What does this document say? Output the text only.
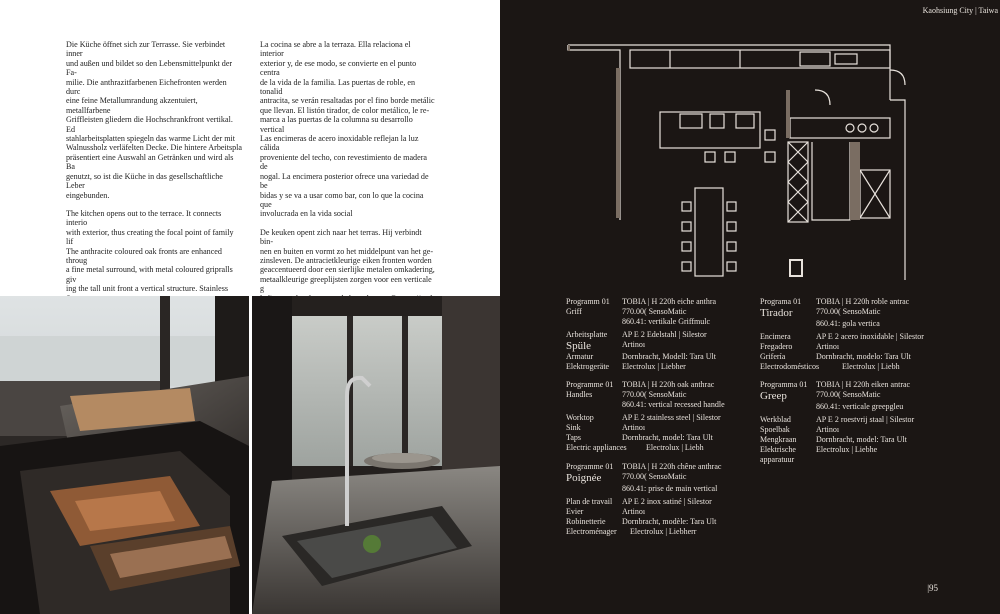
Die Küche öffnet sich zur Terrasse. Sie verbindet inner
und außen und bildet so den Lebensmittelpunkt der Fa-
milie. Die anthrazitfarbenen Eichefronten werden durc
eine feine Metallumrandung akzentuiert, metallfarbene
Griffleisten gliedern die Hochschrankfront vertikal. Ed
stahlarbeitsplatten spiegeln das warme Licht der mit
Walnussholz verläfelten Decke. Die hintere Arbeitspla
präsentiert eine Auswahl an Getränken und wird als Ba
genutzt, so ist die Küche in das gesellschaftliche Leber
eingebunden.

The kitchen opens out to the terrace. It connects interio
with exterior, thus creating the focal point of family lif
The anthracite coloured oak fronts are enhanced throug
a fine metal surround, with metal coloured gripralls giv
ing the tall unit front a vertical structure. Stainless

La cocina se abre a la terraza. Ella relaciona el interior
exterior y, de ese modo, se convierte en el punto centra
de la vida de la familia. Las puertas de roble, en tonalid
antracita, se verán resaltadas por el fino borde metálic
que llevan. El listón tirador, de color metálico, le re-
marca a las puertas de la columna su desarrollo vertical
Las encimeras de acero inoxidable reflejan la luz cálida
proveniente del techo, con revestimiento de madera de
nogal. La encimera posterior ofrece una variedad de be
bidas y se va a usar como bar, con lo que la cocina que
involucrada en la vida social

De keuken opent zich naar het terras. Hij verbindt bin-
nen en buiten en vormt zo het middelpunt van het ge-
zinsleven. De antracietkleurige eiken fronten worden
geaccentueerd door een sierlijke metalen omkadering,
metaalkleurige greeplijsten zorgen voor een verticale g

Kaohsiung City | Taiwa
Programm 01	TOBIA | H 220h eiche anthra
Griff	770.00( SensoMatic
860.41: vertikale Griffmulc
Arbeitsplatte	AP E 2 Edelstahl | Silestor
Spüle	Artinoı
Armatur	Dornbracht, Modell: Tara Ult
Elektrogeräte	Electrolux | Liebher
Programme 01	TOBIA | H 220h oak anthrac
Handles	770.00( SensoMatic
860.41: vertical recessed handle
Worktop	AP E 2 stainless steel | Silestor
Sink	Artinoı
Taps	Dornbracht, model: Tara Ult
Electric appliances	Electrolux | Liebh
Programme 01	TOBIA | H 220h chêne anthrac
Poignée	770.00( SensoMatic
860.41: prise de main vertical
Plan de travail	AP E 2 inox satiné | Silestor
Evier	Artinoı
Robinetterie	Dornbracht, modèle: Tara Ult
Electroménager	Electrolux | Liebherr
Programa 01	TOBIA | H 220h roble antrac
Tirador	770.00( SensoMatic
860.41: gola vertica
Encimera	AP E 2 acero inoxidable | Silestor
Fregadero	Artinoı
Grifería	Dornbracht, modelo: Tara Ult
Electrodomésticos	Electrolux | Liebh
Programma 01	TOBIA | H 220h eiken antrac
Greep	770.00( SensoMatic
860.41: verticale greepgleu
Werkblad	AP E 2 roestvrij staal | Silestor
Spoelbak	Artinoı
Mengkraan	Dornbracht, model: Tara Ult
Elektrische	Electrolux | Liebhe
apparatuur
|95
